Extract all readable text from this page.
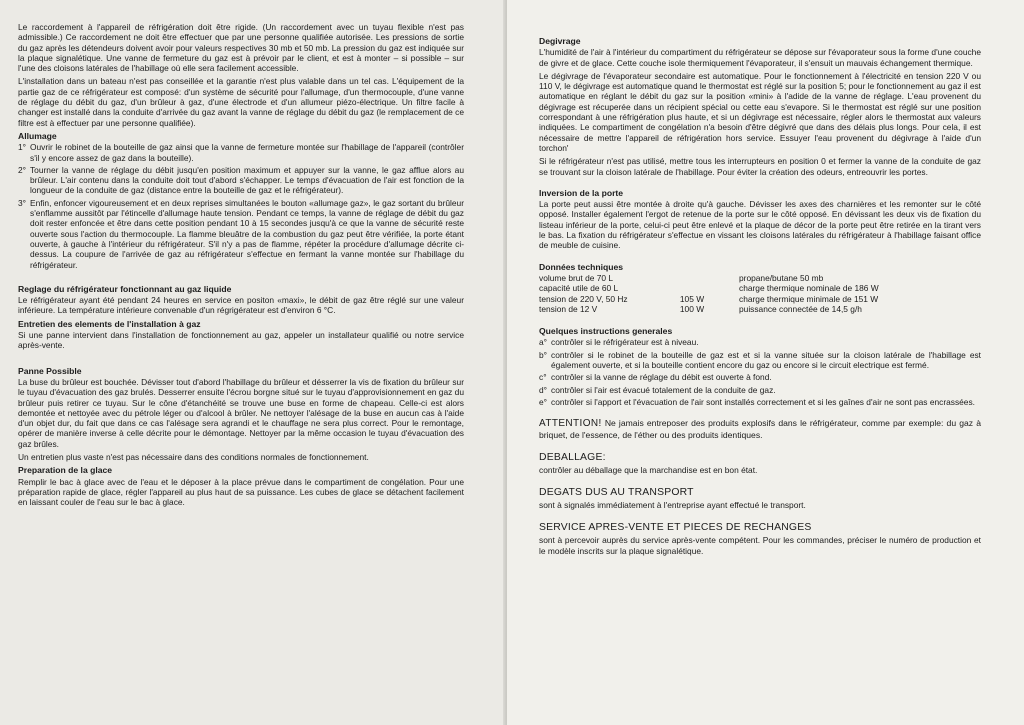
Le raccordement à l'appareil de réfrigération doit être rigide. (Un raccordement avec un tuyau flexible n'est pas admissible.) Ce raccordement ne doit être effectuer que par une personne qualifiée autorisée. Les pressions de sortie du gaz après les détendeurs doivent avoir pour valeurs respectives 30 mb et 50 mb. La pression du gaz est indiquée sur la plaque signalétique. Une vanne de fermeture du gaz est à prévoir par le client, et est à monter – si possible – sur l'une des cloisons latérales de l'habillage où elle sera facilement accessible.

L'installation dans un bateau n'est pas conseillée et la garantie n'est plus valable dans un tel cas. L'équipement de la partie gaz de ce réfrigérateur est composé: d'un système de sécurité pour l'allumage, d'un thermocouple, d'une vanne de réglage du débit du gaz, d'un brûleur à gaz, d'une électrode et d'un allumeur piézo-électrique. Un filtre facile à changer est installé dans la conduite d'arrivée du gaz avant la vanne de réglage du débit du gaz (le remplacement de ce filtre est à effectuer par une personne qualifiée).

Allumage
1° Ouvrir le robinet de la bouteille de gaz ainsi que la vanne de fermeture montée sur l'habillage de l'appareil (contrôler s'il y encore assez de gaz dans la bouteille).
2° Tourner la vanne de réglage du débit jusqu'en position maximum et appuyer sur la vanne, le gaz afflue alors au brûleur. L'air contenu dans la conduite doit tout d'abord s'échapper. Le temps d'évacuation de l'air est fonction de la longueur de la conduite de gaz (distance entre la bouteille de gaz et le réfrigérateur).
3° Enfin, enfoncer vigoureusement et en deux reprises simultanées le bouton «allumage gaz», le gaz sortant du brûleur s'enflamme aussitôt par l'étincelle d'allumage haute tension. Pendant ce temps, la vanne de réglage de débit du gaz doit rester enfoncée et être dans cette position pendant 10 à 15 secondes jusqu'à ce que la vanne de sécurité reste ouverte sous l'action du thermocouple. La flamme bleuâtre de la combustion du gaz peut être vérifiée, la porte étant ouverte, à gauche à l'intérieur du réfrigérateur. S'il n'y a pas de flamme, répéter la procédure d'allumage décrite ci-dessus. La coupure de l'arrivée de gaz au réfrigérateur s'effectue en fermant la vanne montée sur l'habillage du réfrigérateur.
Reglage du réfrigérateur fonctionnant au gaz liquide

Le réfrigérateur ayant été pendant 24 heures en service en positon «maxi», le débit de gaz être réglé sur une valeur inférieure. La température intérieure convenable d'un régrigérateur est d'environ 6 °C.

Entretien des elements de l'installation à gaz

Si une panne intervient dans l'installation de fonctionnement au gaz, appeler un installateur qualifié ou notre service après-vente.

Panne Possible

La buse du brûleur est bouchée. Dévisser tout d'abord l'habillage du brûleur et désserrer la vis de fixation du brûleur sur le tuyau d'évacuation des gaz brulés. Desserrer ensuite l'écrou borgne situé sur le tuyau d'approvisionnement en gaz du brûleur puis retirer ce tuyau. Sur le cône d'étanchéité se trouve une buse en forme de chapeau. Celle-ci est alors demontée et nettoyée avec du pétrole léger ou d'alcool à brûler. Ne nettoyer l'alésage de la buse en aucun cas à l'aide d'un objet dur, du fait que dans ce cas l'alésage sera agrandi et le chauffage ne sera plus correct. Pour le remontage, opérer de manière inverse à celle décrite pour le démontage. Nettoyer par la même occasion le tuyau d'évacuation des gaz brûles.

Un entretien plus vaste n'est pas nécessaire dans des conditions normales de fonctionnement.

Preparation de la glace

Remplir le bac à glace avec de l'eau et le déposer à la place prévue dans le compartiment de congélation. Pour une préparation rapide de glace, régler l'appareil au plus haut de sa puissance. Les cubes de glace se détachent facilement en laissant couler de l'eau sur le bac à glace.

Degivrage

L'humidité de l'air à l'intérieur du compartiment du réfrigérateur se dépose sur l'évaporateur sous la forme d'une couche de givre et de glace. Cette couche isole thermiquement l'évaporateur, il s'ensuit un mauvais échangement thermique.

Le dégivrage de l'évaporateur secondaire est automatique. Pour le fonctionnement à l'électricité en tension 220 V ou 110 V, le dégivrage est automatique quand le thermostat est réglé sur la position 5; pour le fonctionnement au gaz il est automatique en réglant le débit du gaz sur la position «mini» à l'adide de la vanne de réglage. L'eau provenent du dégivrage est récuperée dans un récipient spécial ou cette eau s'evapore. Si le thermostat est réglé sur une position correspondant à une réfrigération plus haute, et si un dégivrage est nécessaire, régler alors le thermostat aux valeurs indiquées. Le compartiment de congélation n'a besoin d'être dégivré que dans des délais plus longs. Pour cela, il est nécessaire de mettre l'appareil de réfrigération hors service. Essuyer l'eau provenent du dégivrage à l'aide d'un torchon'

Si le réfrigérateur n'est pas utilisé, mettre tous les interrupteurs en position 0 et fermer la vanne de la conduite de gaz se trouvant sur la cloison latérale de l'habillage. Pour éviter la création des odeurs, entreouvrir les portes.

Inversion de la porte

La porte peut aussi être montée à droite qu'à gauche. Dévisser les axes des charnières et les remonter sur le côté opposé. Installer également l'ergot de retenue de la porte sur le côté opposé. En dévissant les deux vis de fixation du listeau inférieur de la porte, celui-ci peut être enlevé et la plaque de décor de la porte peut être retirée en la tirant vers le bas. La fixation du réfrigérateur s'effectue en vissant les cloisons latérales du réfrigérateur à l'habillage faisant office de meuble de cuisine.

Données techniques
volume brut de 70 L
capacité utile de 60 L
tension de 220 V, 50 Hz	105 W
tension de 12 V	100 W
propane/butane 50 mb
charge thermique nominale de 186 W
charge thermique minimale de 151 W
puissance connectée de 14,5 g/h
Quelques instructions generales
a° contrôler si le réfrigérateur est à niveau.
b° contrôler si le robinet de la bouteille de gaz est et si la vanne située sur la cloison latérale de l'habillage est également ouverte, et si la bouteille contient encore du gaz ou encore si le circuit electrique est fermé.
c° contrôler si la vanne de réglage du débit est ouverte à fond.
d° contrôler si l'air est évacué totalement de la conduite de gaz.
e° contrôler si l'apport et l'évacuation de l'air sont installés correctement et si les gaînes d'air ne sont pas encrassées.

ATTENTION! Ne jamais entreposer des produits explosifs dans le réfrigérateur, comme par exemple: du gaz à briquet, de l'essence, de l'éther ou des produits identiques.

DEBALLAGE:

contrôler au déballage que la marchandise est en bon état.

DEGATS DUS AU TRANSPORT

sont à signalés immédiatement à l'entreprise ayant effectué le transport.

SERVICE APRES-VENTE ET PIECES DE RECHANGES

sont à percevoir auprès du service après-vente compétent. Pour les commandes, préciser le numéro de production et le modèle inscrits sur la plaque signalétique.
